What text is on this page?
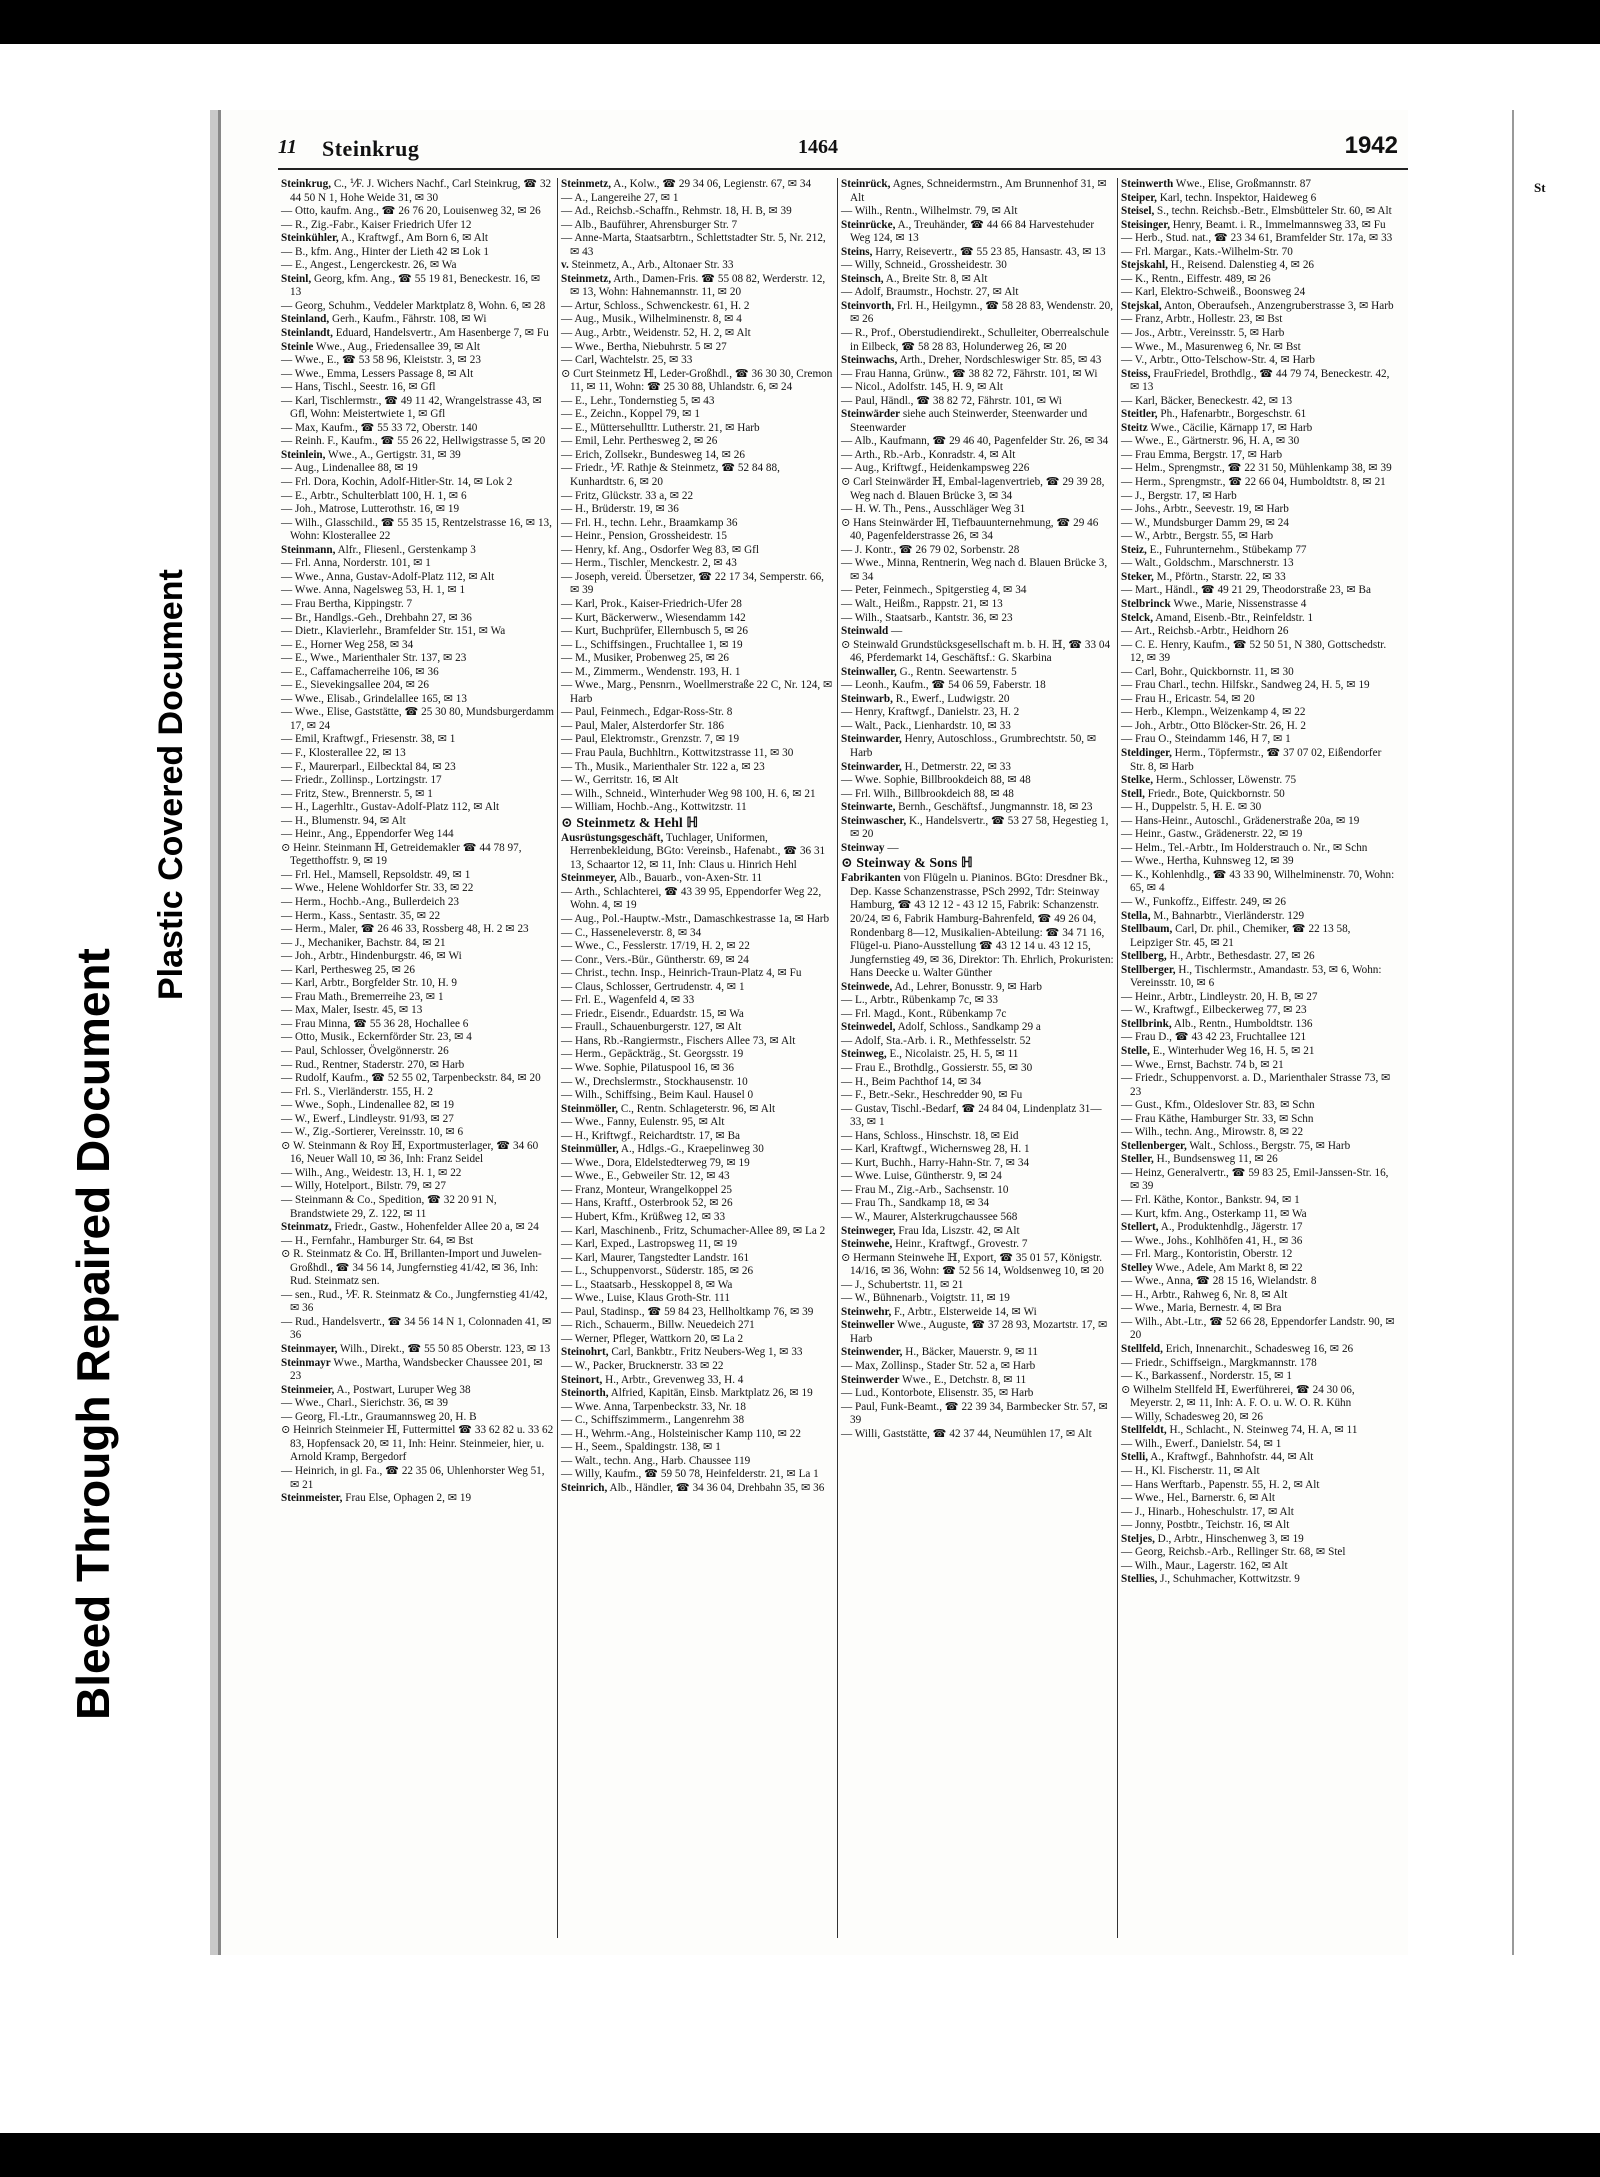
Bleed Through Repaired Document
Plastic Covered Document
11 Steinkrug	1464	1942

Steinkrug, C., ⅟F. J. Wichers Nachf., Carl Steinkrug, ☎ 32 44 50 N 1, Hohe Weide 31, ✉ 30

— Otto, kaufm. Ang., ☎ 26 76 20, Louisenweg 32, ✉ 26

— R., Zig.-Fabr., Kaiser Friedrich Ufer 12

Steinkühler, A., Kraftwgf., Am Born 6, ✉ Alt

— B., kfm. Ang., Hinter der Lieth 42 ✉ Lok 1

— E., Angest., Lengerckestr. 26, ✉ Wa

Steinl, Georg, kfm. Ang., ☎ 55 19 81, Beneckestr. 16, ✉ 13

— Georg, Schuhm., Veddeler Marktplatz 8, Wohn. 6, ✉ 28

Steinland, Gerh., Kaufm., Fährstr. 108, ✉ Wi

Steinlandt, Eduard, Handelsvertr., Am Hasenberge 7, ✉ Fu

Steinle Wwe., Aug., Friedensallee 39, ✉ Alt

— Wwe., E., ☎ 53 58 96, Kleiststr. 3, ✉ 23

— Wwe., Emma, Lessers Passage 8, ✉ Alt

— Hans, Tischl., Seestr. 16, ✉ Gfl

— Karl, Tischlermstr., ☎ 49 11 42, Wrangelstrasse 43, ✉ Gfl, Wohn: Meistertwiete 1, ✉ Gfl

— Max, Kaufm., ☎ 55 33 72, Oberstr. 140

— Reinh. F., Kaufm., ☎ 55 26 22, Hellwigstrasse 5, ✉ 20

Steinlein, Wwe., A., Gertigstr. 31, ✉ 39

— Aug., Lindenallee 88, ✉ 19

— Frl. Dora, Kochin, Adolf-Hitler-Str. 14, ✉ Lok 2

— E., Arbtr., Schulterblatt 100, H. 1, ✉ 6

— Joh., Matrose, Lutterothstr. 16, ✉ 19

— Wilh., Glasschild., ☎ 55 35 15, Rentzelstrasse 16, ✉ 13, Wohn: Klosterallee 22

Steinmann, Alfr., Fliesenl., Gerstenkamp 3

— Frl. Anna, Norderstr. 101, ✉ 1

— Wwe., Anna, Gustav-Adolf-Platz 112, ✉ Alt

— Wwe. Anna, Nagelsweg 53, H. 1, ✉ 1

— Frau Bertha, Kippingstr. 7

— Br., Handlgs.-Geh., Drehbahn 27, ✉ 36

— Dietr., Klavierlehr., Bramfelder Str. 151, ✉ Wa

— E., Horner Weg 258, ✉ 34

— E., Wwe., Marienthaler Str. 137, ✉ 23

— E., Caffamacherreihe 106, ✉ 36

— E., Sievekingsallee 204, ✉ 26

— Wwe., Elisab., Grindelallee 165, ✉ 13

— Wwe., Elise, Gaststätte, ☎ 25 30 80, Mundsburgerdamm 17, ✉ 24

— Emil, Kraftwgf., Friesenstr. 38, ✉ 1

— F., Klosterallee 22, ✉ 13

— F., Maurerparl., Eilbecktal 84, ✉ 23

— Friedr., Zollinsp., Lortzingstr. 17

— Fritz, Stew., Brennerstr. 5, ✉ 1

— H., Lagerhltr., Gustav-Adolf-Platz 112, ✉ Alt

— H., Blumenstr. 94, ✉ Alt

— Heinr., Ang., Eppendorfer Weg 144

⊙ Heinr. Steinmann ℍ, Getreidemakler ☎ 44 78 97, Tegetthoffstr. 9, ✉ 19

— Frl. Hel., Mamsell, Repsoldstr. 49, ✉ 1

— Wwe., Helene Wohldorfer Str. 33, ✉ 22

— Herm., Hochb.-Ang., Bullerdeich 23

— Herm., Kass., Sentastr. 35, ✉ 22

— Herm., Maler, ☎ 26 46 33, Rossberg 48, H. 2 ✉ 23

— J., Mechaniker, Bachstr. 84, ✉ 21

— Joh., Arbtr., Hindenburgstr. 46, ✉ Wi

— Karl, Perthesweg 25, ✉ 26

— Karl, Arbtr., Borgfelder Str. 10, H. 9

— Frau Math., Bremerreihe 23, ✉ 1

— Max, Maler, Isestr. 45, ✉ 13

— Frau Minna, ☎ 55 36 28, Hochallee 6

— Otto, Musik., Eckernförder Str. 23, ✉ 4

— Paul, Schlosser, Övelgönnerstr. 26

— Rud., Rentner, Staderstr. 270, ✉ Harb

— Rudolf, Kaufm., ☎ 52 55 02, Tarpenbeckstr. 84, ✉ 20

— Frl. S., Vierländerstr. 155, H. 2

— Wwe., Soph., Lindenallee 82, ✉ 19

— W., Ewerf., Lindleystr. 91/93, ✉ 27

— W., Zig.-Sortierer, Vereinsstr. 10, ✉ 6

⊙ W. Steinmann & Roy ℍ, Exportmusterlager, ☎ 34 60 16, Neuer Wall 10, ✉ 36, Inh: Franz Seidel

— Wilh., Ang., Weidestr. 13, H. 1, ✉ 22

— Willy, Hotelport., Bilstr. 79, ✉ 27

— Steinmann & Co., Spedition, ☎ 32 20 91 N, Brandstwiete 29, Z. 122, ✉ 11

Steinmatz, Friedr., Gastw., Hohenfelder Allee 20 a, ✉ 24

— H., Fernfahr., Hamburger Str. 64, ✉ Bst

⊙ R. Steinmatz & Co. ℍ, Brillanten-Import und Juwelen-Großhdl., ☎ 34 56 14, Jungfernstieg 41/42, ✉ 36, Inh: Rud. Steinmatz sen.

— sen., Rud., ⅟F. R. Steinmatz & Co., Jungfernstieg 41/42, ✉ 36

— Rud., Handelsvertr., ☎ 34 56 14 N 1, Colonnaden 41, ✉ 36

Steinmayer, Wilh., Direkt., ☎ 55 50 85 Oberstr. 123, ✉ 13

Steinmayr Wwe., Martha, Wandsbecker Chaussee 201, ✉ 23

Steinmeier, A., Postwart, Luruper Weg 38

— Wwe., Charl., Sierichstr. 36, ✉ 39

— Georg, Fl.-Ltr., Graumannsweg 20, H. B

⊙ Heinrich Steinmeier ℍ, Futtermittel ☎ 33 62 82 u. 33 62 83, Hopfensack 20, ✉ 11, Inh: Heinr. Steinmeier, hier, u. Arnold Kramp, Bergedorf

— Heinrich, in gl. Fa., ☎ 22 35 06, Uhlenhorster Weg 51, ✉ 21

Steinmeister, Frau Else, Ophagen 2, ✉ 19

Steinmetz, A., Kolw., ☎ 29 34 06, Legienstr. 67, ✉ 34

— A., Langereihe 27, ✉ 1

— Ad., Reichsb.-Schaffn., Rehmstr. 18, H. B, ✉ 39

— Alb., Bauführer, Ahrensburger Str. 7

— Anne-Marta, Staatsarbtrn., Schlettstadter Str. 5, Nr. 212, ✉ 43

v. Steinmetz, A., Arb., Altonaer Str. 33

Steinmetz, Arth., Damen-Fris. ☎ 55 08 82, Werderstr. 12, ✉ 13, Wohn: Hahnemannstr. 11, ✉ 20

— Artur, Schloss., Schwenckestr. 61, H. 2

— Aug., Musik., Wilhelminenstr. 8, ✉ 4

— Aug., Arbtr., Weidenstr. 52, H. 2, ✉ Alt

— Wwe., Bertha, Niebuhrstr. 5 ✉ 27

— Carl, Wachtelstr. 25, ✉ 33

⊙ Curt Steinmetz ℍ, Leder-Großhdl., ☎ 36 30 30, Cremon 11, ✉ 11, Wohn: ☎ 25 30 88, Uhlandstr. 6, ✉ 24

— E., Lehr., Tondernstieg 5, ✉ 43

— E., Zeichn., Koppel 79, ✉ 1

— E., Müttersehullttr. Lutherstr. 21, ✉ Harb

— Emil, Lehr. Perthesweg 2, ✉ 26

— Erich, Zollsekr., Bundesweg 14, ✉ 26

— Friedr., ⅟F. Rathje & Steinmetz, ☎ 52 84 88, Kunhardtstr. 6, ✉ 20

— Fritz, Glückstr. 33 a, ✉ 22

— H., Brüderstr. 19, ✉ 36

— Frl. H., techn. Lehr., Braamkamp 36

— Heinr., Pension, Grossheidestr. 15

— Henry, kf. Ang., Osdorfer Weg 83, ✉ Gfl

— Herm., Tischler, Menckestr. 2, ✉ 43

— Joseph, vereid. Übersetzer, ☎ 22 17 34, Semperstr. 66, ✉ 39

— Karl, Prok., Kaiser-Friedrich-Ufer 28

— Kurt, Bäckerwerw., Wiesendamm 142

— Kurt, Buchprüfer, Ellernbusch 5, ✉ 26

— L., Schiffsingen., Fruchtallee 1, ✉ 19

— M., Musiker, Probenweg 25, ✉ 26

— M., Zimmerm., Wendenstr. 193, H. 1

— Wwe., Marg., Pensnrn., Woellmerstraße 22 C, Nr. 124, ✉ Harb

— Paul, Feinmech., Edgar-Ross-Str. 8

— Paul, Maler, Alsterdorfer Str. 186

— Paul, Elektromstr., Grenzstr. 7, ✉ 19

— Frau Paula, Buchhltrn., Kottwitzstrasse 11, ✉ 30

— Th., Musik., Marienthaler Str. 122 a, ✉ 23

— W., Gerritstr. 16, ✉ Alt

— Wilh., Schneid., Winterhuder Weg 98 100, H. 6, ✉ 21

— William, Hochb.-Ang., Kottwitzstr. 11

⊙ Steinmetz & Hehl ℍ

Ausrüstungsgeschäft, Tuchlager, Uniformen, Herrenbekleidung, BGto: Vereinsb., Hafenabt., ☎ 36 31 13, Schaartor 12, ✉ 11, Inh: Claus u. Hinrich Hehl

Steinmeyer, Alb., Bauarb., von-Axen-Str. 11

— Arth., Schlachterei, ☎ 43 39 95, Eppendorfer Weg 22, Wohn. 4, ✉ 19

— Aug., Pol.-Hauptw.-Mstr., Damaschkestrasse 1a, ✉ Harb

— C., Hasseneleverstr. 8, ✉ 34

— Wwe., C., Fesslerstr. 17/19, H. 2, ✉ 22

— Conr., Vers.-Bür., Güntherstr. 69, ✉ 24

— Christ., techn. Insp., Heinrich-Traun-Platz 4, ✉ Fu

— Claus, Schlosser, Gertrudenstr. 4, ✉ 1

— Frl. E., Wagenfeld 4, ✉ 33

— Friedr., Eisendr., Eduardstr. 15, ✉ Wa

— Fraull., Schauenburgerstr. 127, ✉ Alt

— Hans, Rb.-Rangiermstr., Fischers Allee 73, ✉ Alt

— Herm., Gepäckträg., St. Georgsstr. 19

— Wwe. Sophie, Pilatuspool 16, ✉ 36

— W., Drechslermstr., Stockhausenstr. 10

— Wilh., Schiffsing., Beim Kaul. Hausel 0

Steinmöller, C., Rentn. Schlageterstr. 96, ✉ Alt

— Wwe., Fanny, Eulenstr. 95, ✉ Alt

— H., Kriftwgf., Reichardtstr. 17, ✉ Ba

Steinmüller, A., Hdlgs.-G., Kraepelinweg 30

— Wwe., Dora, Eldelstedterweg 79, ✉ 19

— Wwe., E., Gebweiler Str. 12, ✉ 43

— Franz, Monteur, Wrangelkoppel 25

— Hans, Kraftf., Osterbrook 52, ✉ 26

— Hubert, Kfm., Krüßweg 12, ✉ 33

— Karl, Maschinenb., Fritz, Schumacher-Allee 89, ✉ La 2

— Karl, Exped., Lastropsweg 11, ✉ 19

— Karl, Maurer, Tangstedter Landstr. 161

— L., Schuppenvorst., Süderstr. 185, ✉ 26

— L., Staatsarb., Hesskoppel 8, ✉ Wa

— Wwe., Luise, Klaus Groth-Str. 111

— Paul, Stadinsp., ☎ 59 84 23, Hellholtkamp 76, ✉ 39

— Rich., Schauerm., Billw. Neuedeich 271

— Werner, Pfleger, Wattkorn 20, ✉ La 2

Steinohrt, Carl, Bankbtr., Fritz Neubers-Weg 1, ✉ 33

— W., Packer, Brucknerstr. 33 ✉ 22

Steinort, H., Arbtr., Grevenweg 33, H. 4

Steinorth, Alfried, Kapitän, Einsb. Marktplatz 26, ✉ 19

— Wwe. Anna, Tarpenbeckstr. 33, Nr. 18

— C., Schiffszimmerm., Langenrehm 38

— H., Wehrm.-Ang., Holsteinischer Kamp 110, ✉ 22

— H., Seem., Spaldingstr. 138, ✉ 1

— Walt., techn. Ang., Harb. Chaussee 119

— Willy, Kaufm., ☎ 59 50 78, Heinfelderstr. 21, ✉ La 1

Steinrich, Alb., Händler, ☎ 34 36 04, Drehbahn 35, ✉ 36

Steinrück, Agnes, Schneidermstrn., Am Brunnenhof 31, ✉ Alt

— Wilh., Rentn., Wilhelmstr. 79, ✉ Alt

Steinrücke, A., Treuhänder, ☎ 44 66 84 Harvestehuder Weg 124, ✉ 13

Steins, Harry, Reisevertr., ☎ 55 23 85, Hansastr. 43, ✉ 13

— Willy, Schneid., Grossheidestr. 30

Steinsch, A., Breite Str. 8, ✉ Alt

— Adolf, Braumstr., Hochstr. 27, ✉ Alt

Steinvorth, Frl. H., Heilgymn., ☎ 58 28 83, Wendenstr. 20, ✉ 26

— R., Prof., Oberstudiendirekt., Schulleiter, Oberrealschule in Eilbeck, ☎ 58 28 83, Holunderweg 26, ✉ 20

Steinwachs, Arth., Dreher, Nordschleswiger Str. 85, ✉ 43

— Frau Hanna, Grünw., ☎ 38 82 72, Fährstr. 101, ✉ Wi

— Nicol., Adolfstr. 145, H. 9, ✉ Alt

— Paul, Händl., ☎ 38 82 72, Fährstr. 101, ✉ Wi

Steinwärder siehe auch Steinwerder, Steenwarder und Steenwarder

— Alb., Kaufmann, ☎ 29 46 40, Pagenfelder Str. 26, ✉ 34

— Arth., Rb.-Arb., Konradstr. 4, ✉ Alt

— Aug., Kriftwgf., Heidenkampsweg 226

⊙ Carl Steinwärder ℍ, Embal-lagenvertrieb, ☎ 29 39 28, Weg nach d. Blauen Brücke 3, ✉ 34

— H. W. Th., Pens., Ausschläger Weg 31

⊙ Hans Steinwärder ℍ, Tiefbauunternehmung, ☎ 29 46 40, Pagenfelderstrasse 26, ✉ 34

— J. Kontr., ☎ 26 79 02, Sorbenstr. 28

— Wwe., Minna, Rentnerin, Weg nach d. Blauen Brücke 3, ✉ 34

— Peter, Feinmech., Spitgerstieg 4, ✉ 34

— Walt., Heißm., Rappstr. 21, ✉ 13

— Wilh., Staatsarb., Kantstr. 36, ✉ 23

Steinwald —

⊙ Steinwald Grundstücksgesellschaft m. b. H. ℍ, ☎ 33 04 46, Pferdemarkt 14, Geschäftsf.: G. Skarbina

Steinwaller, G., Rentn. Seewartenstr. 5

— Leonh., Kaufm., ☎ 54 06 59, Faberstr. 18

Steinwarb, R., Ewerf., Ludwigstr. 20

— Henry, Kraftwgf., Danielstr. 23, H. 2

— Walt., Pack., Lienhardstr. 10, ✉ 33

Steinwarder, Henry, Autoschloss., Grumbrechtstr. 50, ✉ Harb

Steinwarder, H., Detmerstr. 22, ✉ 33

— Wwe. Sophie, Billbrookdeich 88, ✉ 48

— Frl. Wilh., Billbrookdeich 88, ✉ 48

Steinwarte, Bernh., Geschäftsf., Jungmannstr. 18, ✉ 23

Steinwascher, K., Handelsvertr., ☎ 53 27 58, Hegestieg 1, ✉ 20

Steinway —

⊙ Steinway & Sons ℍ

Fabrikanten von Flügeln u. Pianinos. BGto: Dresdner Bk., Dep. Kasse Schanzenstrasse, PSch 2992, Tdr: Steinway Hamburg, ☎ 43 12 12 - 43 12 15, Fabrik: Schanzenstr. 20/24, ✉ 6, Fabrik Hamburg-Bahrenfeld, ☎ 49 26 04, Rondenbarg 8—12, Musikalien-Abteilung: ☎ 34 71 16, Flügel-u. Piano-Ausstellung ☎ 43 12 14 u. 43 12 15, Jungfernstieg 49, ✉ 36, Direktor: Th. Ehrlich, Prokuristen: Hans Deecke u. Walter Günther

Steinwede, Ad., Lehrer, Bonusstr. 9, ✉ Harb

— L., Arbtr., Rübenkamp 7c, ✉ 33

— Frl. Magd., Kont., Rübenkamp 7c

Steinwedel, Adolf, Schloss., Sandkamp 29 a

— Adolf, Sta.-Arb. i. R., Methfesselstr. 52

Steinweg, E., Nicolaistr. 25, H. 5, ✉ 11

— Frau E., Brothdlg., Gossierstr. 55, ✉ 30

— H., Beim Pachthof 14, ✉ 34

— F., Betr.-Sekr., Heschredder 90, ✉ Fu

— Gustav, Tischl.-Bedarf, ☎ 24 84 04, Lindenplatz 31—33, ✉ 1

— Hans, Schloss., Hinschstr. 18, ✉ Eid

— Karl, Kraftwgf., Wichernsweg 28, H. 1

— Kurt, Buchh., Harry-Hahn-Str. 7, ✉ 34

— Wwe. Luise, Güntherstr. 9, ✉ 24

— Frau M., Zig.-Arb., Sachsenstr. 10

— Frau Th., Sandkamp 18, ✉ 34

— W., Maurer, Alsterkrugchaussee 568

Steinweger, Frau Ida, Liszstr. 42, ✉ Alt

Steinwehe, Heinr., Kraftwgf., Grovestr. 7

⊙ Hermann Steinwehe ℍ, Export, ☎ 35 01 57, Königstr. 14/16, ✉ 36, Wohn: ☎ 52 56 14, Woldsenweg 10, ✉ 20

— J., Schubertstr. 11, ✉ 21

— W., Bühnenarb., Voigtstr. 11, ✉ 19

Steinwehr, F., Arbtr., Elsterweide 14, ✉ Wi

Steinweller Wwe., Auguste, ☎ 37 28 93, Mozartstr. 17, ✉ Harb

Steinwender, H., Bäcker, Mauerstr. 9, ✉ 11

— Max, Zollinsp., Stader Str. 52 a, ✉ Harb

Steinwerder Wwe., E., Detchstr. 8, ✉ 11

— Lud., Kontorbote, Elisenstr. 35, ✉ Harb

— Paul, Funk-Beamt., ☎ 22 39 34, Barmbecker Str. 57, ✉ 39

— Willi, Gaststätte, ☎ 42 37 44, Neumühlen 17, ✉ Alt

Steinwerth Wwe., Elise, Großmannstr. 87

Steiper, Karl, techn. Inspektor, Haideweg 6

Steisel, S., techn. Reichsb.-Betr., Elmsbütteler Str. 60, ✉ Alt

Steisinger, Henry, Beamt. i. R., Immelmannsweg 33, ✉ Fu

— Herb., Stud. nat., ☎ 23 34 61, Bramfelder Str. 17a, ✉ 33

— Frl. Margar., Kats.-Wilhelm-Str. 70

Stejskahl, H., Reisend. Dalenstieg 4, ✉ 26

— K., Rentn., Eiffestr. 489, ✉ 26

— Karl, Elektro-Schweiß., Boonsweg 24

Stejskal, Anton, Oberaufseh., Anzengruberstrasse 3, ✉ Harb

— Franz, Arbtr., Hollestr. 23, ✉ Bst

— Jos., Arbtr., Vereinsstr. 5, ✉ Harb

— Wwe., M., Masurenweg 6, Nr. ✉ Bst

— V., Arbtr., Otto-Telschow-Str. 4, ✉ Harb

Steiss, FrauFriedel, Brothdlg., ☎ 44 79 74, Beneckestr. 42, ✉ 13

— Karl, Bäcker, Beneckestr. 42, ✉ 13

Steitler, Ph., Hafenarbtr., Borgeschstr. 61

Steitz Wwe., Cäcilie, Kärnapp 17, ✉ Harb

— Wwe., E., Gärtnerstr. 96, H. A, ✉ 30

— Frau Emma, Bergstr. 17, ✉ Harb

— Helm., Sprengmstr., ☎ 22 31 50, Mühlenkamp 38, ✉ 39

— Herm., Sprengmstr., ☎ 22 66 04, Humboldtstr. 8, ✉ 21

— J., Bergstr. 17, ✉ Harb

— Johs., Arbtr., Seevestr. 19, ✉ Harb

— W., Mundsburger Damm 29, ✉ 24

— W., Arbtr., Bergstr. 55, ✉ Harb

Steiz, E., Fuhrunternehm., Stübekamp 77

— Walt., Goldschm., Marschnerstr. 13

Steker, M., Pförtn., Starstr. 22, ✉ 33

— Mart., Händl., ☎ 49 21 29, Theodorstraße 23, ✉ Ba

Stelbrinck Wwe., Marie, Nissenstrasse 4

Stelck, Amand, Eisenb.-Btr., Reinfeldstr. 1

— Art., Reichsb.-Arbtr., Heidhorn 26

— C. E. Henry, Kaufm., ☎ 52 50 51, N 380, Gottschedstr. 12, ✉ 39

— Carl, Bohr., Quickbornstr. 11, ✉ 30

— Frau Charl., techn. Hilfskr., Sandweg 24, H. 5, ✉ 19

— Frau H., Ericastr. 54, ✉ 20

— Herb., Klempn., Weizenkamp 4, ✉ 22

— Joh., Arbtr., Otto Blöcker-Str. 26, H. 2

— Frau O., Steindamm 146, H 7, ✉ 1

Steldinger, Herm., Töpfermstr., ☎ 37 07 02, Eißendorfer Str. 8, ✉ Harb

Stelke, Herm., Schlosser, Löwenstr. 75

Stell, Friedr., Bote, Quickbornstr. 50

— H., Duppelstr. 5, H. E. ✉ 30

— Hans-Heinr., Autoschl., Grädenerstraße 20a, ✉ 19

— Heinr., Gastw., Grädenerstr. 22, ✉ 19

— Helm., Tel.-Arbtr., Im Holderstrauch o. Nr., ✉ Schn

— Wwe., Hertha, Kuhnsweg 12, ✉ 39

— K., Kohlenhdlg., ☎ 43 33 90, Wilhelminenstr. 70, Wohn: 65, ✉ 4

— W., Funkoffz., Eiffestr. 249, ✉ 26

Stella, M., Bahnarbtr., Vierländerstr. 129

Stellbaum, Carl, Dr. phil., Chemiker, ☎ 22 13 58, Leipziger Str. 45, ✉ 21

Stellberg, H., Arbtr., Bethesdastr. 27, ✉ 26

Stellberger, H., Tischlermstr., Amandastr. 53, ✉ 6, Wohn: Vereinsstr. 10, ✉ 6

— Heinr., Arbtr., Lindleystr. 20, H. B, ✉ 27

— W., Kraftwgf., Eilbeckerweg 77, ✉ 23

Stellbrink, Alb., Rentn., Humboldtstr. 136

— Frau D., ☎ 43 42 23, Fruchtallee 121

Stelle, E., Winterhuder Weg 16, H. 5, ✉ 21

— Wwe., Ernst, Bachstr. 74 b, ✉ 21

— Friedr., Schuppenvorst. a. D., Marienthaler Strasse 73, ✉ 23

— Gust., Kfm., Oldeslover Str. 83, ✉ Schn

— Frau Käthe, Hamburger Str. 33, ✉ Schn

— Wilh., techn. Ang., Mirowstr. 8, ✉ 22

Stellenberger, Walt., Schloss., Bergstr. 75, ✉ Harb

Steller, H., Bundsensweg 11, ✉ 26

— Heinz, Generalvertr., ☎ 59 83 25, Emil-Janssen-Str. 16, ✉ 39

— Frl. Käthe, Kontor., Bankstr. 94, ✉ 1

— Kurt, kfm. Ang., Osterkamp 11, ✉ Wa

Stellert, A., Produktenhdlg., Jägerstr. 17

— Wwe., Johs., Kohlhöfen 41, H., ✉ 36

— Frl. Marg., Kontoristin, Oberstr. 12

Stelley Wwe., Adele, Am Markt 8, ✉ 22

— Wwe., Anna, ☎ 28 15 16, Wielandstr. 8

— H., Arbtr., Rahweg 6, Nr. 8, ✉ Alt

— Wwe., Maria, Bernestr. 4, ✉ Bra

— Wilh., Abt.-Ltr., ☎ 52 66 28, Eppendorfer Landstr. 90, ✉ 20

Stellfeld, Erich, Innenarchit., Schadesweg 16, ✉ 26

— Friedr., Schiffseign., Margkmannstr. 178

— K., Barkassenf., Norderstr. 15, ✉ 1

⊙ Wilhelm Stellfeld ℍ, Ewerführerei, ☎ 24 30 06, Meyerstr. 2, ✉ 11, Inh: A. F. O. u. W. O. R. Kühn

— Willy, Schadesweg 20, ✉ 26

Stellfeldt, H., Schlacht., N. Steinweg 74, H. A, ✉ 11

— Wilh., Ewerf., Danielstr. 54, ✉ 1

Stelli, A., Kraftwgf., Bahnhofstr. 44, ✉ Alt

— H., Kl. Fischerstr. 11, ✉ Alt

— Hans Werftarb., Papenstr. 55, H. 2, ✉ Alt

— Wwe., Hel., Barnerstr. 6, ✉ Alt

— J., Hinarb., Hoheschulstr. 17, ✉ Alt

— Jonny, Postbtr., Teichstr. 16, ✉ Alt

Steljes, D., Arbtr., Hinschenweg 3, ✉ 19

— Georg, Reichsb.-Arb., Rellinger Str. 68, ✉ Stel

— Wilh., Maur., Lagerstr. 162, ✉ Alt

Stellies, J., Schuhmacher, Kottwitzstr. 9

St
